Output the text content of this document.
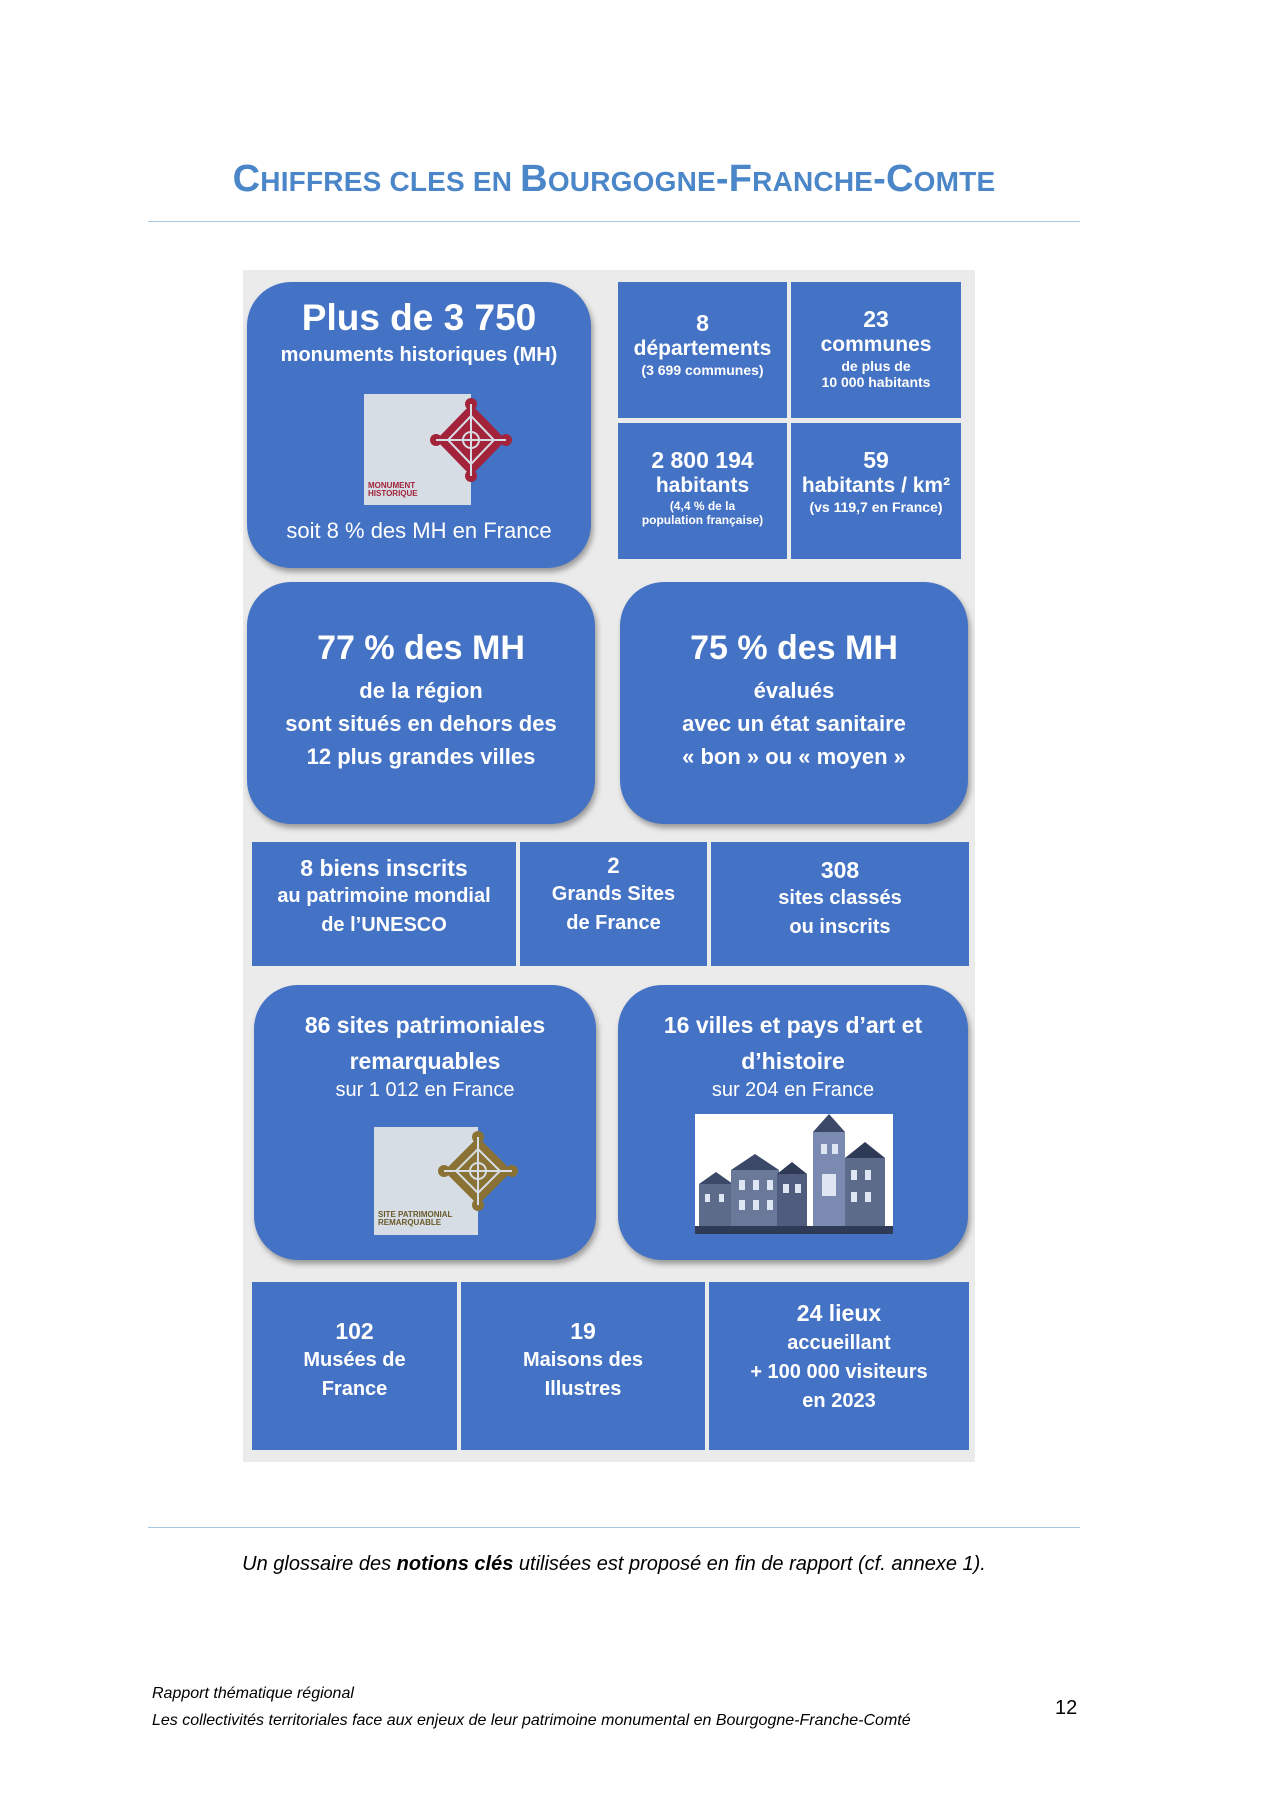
CHIFFRES CLES EN BOURGOGNE-FRANCHE-COMTE
Plus de 3 750
monuments historiques (MH)
MONUMENT
HISTORIQUE
soit 8 % des MH en France
8
départements
(3 699 communes)
23
communes
de plus de
10 000 habitants
2 800 194
habitants
(4,4 % de la
population française)
59
habitants / km²
(vs 119,7 en France)
77 % des MH
de la région
sont situés en dehors des
12 plus grandes villes
75 % des MH
évalués
avec un état sanitaire
« bon » ou « moyen »
8 biens inscrits
au patrimoine mondial
de l’UNESCO
2
Grands Sites
de France
308
sites classés
ou inscrits
86 sites patrimoniales
remarquables
sur 1 012 en France
SITE PATRIMONIAL
REMARQUABLE
16 villes et pays d’art et
d’histoire
sur 204 en France
102
Musées de
France
19
Maisons des
Illustres
24 lieux
accueillant
+ 100 000 visiteurs
en 2023
Un glossaire des notions clés utilisées est proposé en fin de rapport (cf. annexe 1).
Rapport thématique régional
Les collectivités territoriales face aux enjeux de leur patrimoine monumental en Bourgogne-Franche-Comté
12
